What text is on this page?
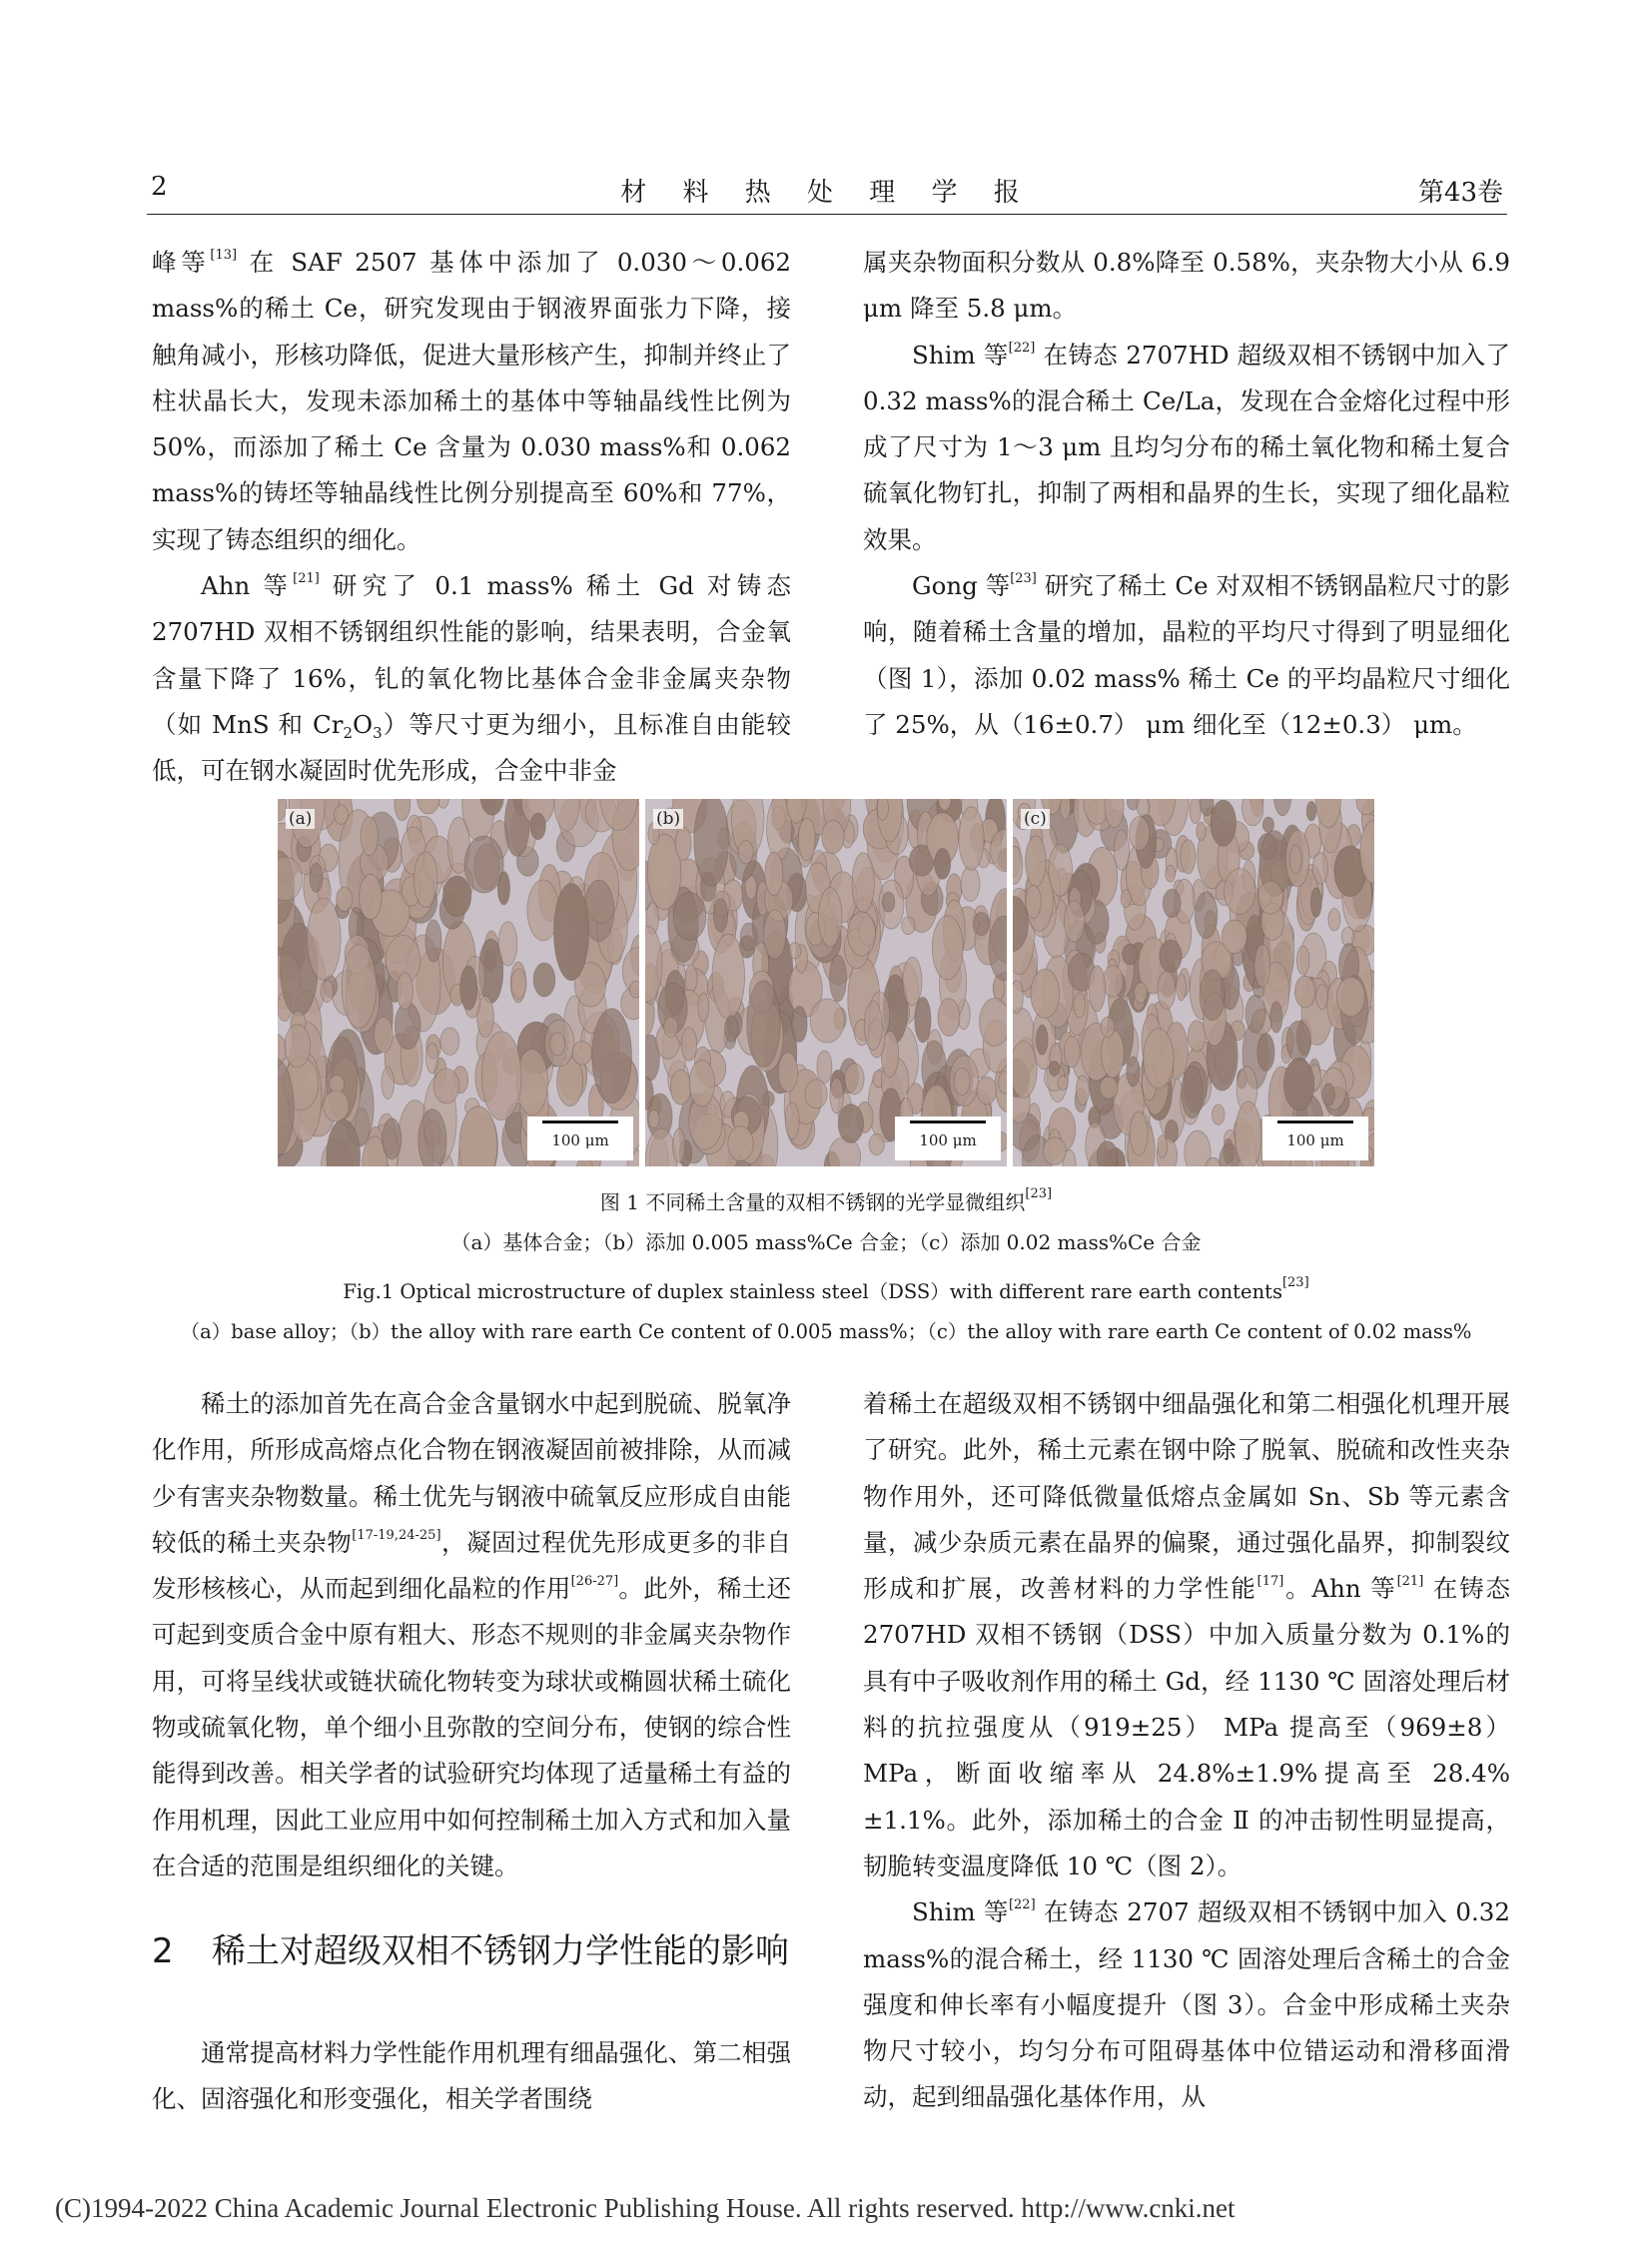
2	材 料 热 处 理 学 报	第43卷

峰等[13] 在 SAF 2507 基体中添加了 0.030～0.062 mass%的稀土 Ce，研究发现由于钢液界面张力下降，接触角减小，形核功降低，促进大量形核产生，抑制并终止了柱状晶长大，发现未添加稀土的基体中等轴晶线性比例为 50%，而添加了稀土 Ce 含量为 0.030 mass%和 0.062 mass%的铸坯等轴晶线性比例分别提高至 60%和 77%，实现了铸态组织的细化。

Ahn 等[21] 研究了 0.1 mass% 稀土 Gd 对铸态 2707HD 双相不锈钢组织性能的影响，结果表明，合金氧含量下降了 16%，钆的氧化物比基体合金非金属夹杂物（如 MnS 和 $Cr_2O_3$）等尺寸更为细小，且标准自由能较低，可在钢水凝固时优先形成，合金中非金

属夹杂物面积分数从 0.8%降至 0.58%，夹杂物大小从 6.9 μm 降至 5.8 μm。

Shim 等[22] 在铸态 2707HD 超级双相不锈钢中加入了 0.32 mass%的混合稀土 Ce/La，发现在合金熔化过程中形成了尺寸为 1～3 μm 且均匀分布的稀土氧化物和稀土复合硫氧化物钉扎，抑制了两相和晶界的生长，实现了细化晶粒效果。

Gong 等[23] 研究了稀土 Ce 对双相不锈钢晶粒尺寸的影响，随着稀土含量的增加，晶粒的平均尺寸得到了明显细化（图 1），添加 0.02 mass% 稀土 Ce 的平均晶粒尺寸细化了 25%，从（16±0.7） μm 细化至（12±0.3） μm。

(a)
100 μm
(b)
100 μm
(c)
100 μm
图 1 不同稀土含量的双相不锈钢的光学显微组织[23]
（a）基体合金；（b）添加 0.005 mass%Ce 合金；（c）添加 0.02 mass%Ce 合金
Fig.1 Optical microstructure of duplex stainless steel（DSS）with different rare earth contents[23]
（a）base alloy；（b）the alloy with rare earth Ce content of 0.005 mass%；（c）the alloy with rare earth Ce content of 0.02 mass%

稀土的添加首先在高合金含量钢水中起到脱硫、脱氧净化作用，所形成高熔点化合物在钢液凝固前被排除，从而减少有害夹杂物数量。稀土优先与钢液中硫氧反应形成自由能较低的稀土夹杂物[17-19,24-25]，凝固过程优先形成更多的非自发形核核心，从而起到细化晶粒的作用[26-27]。此外，稀土还可起到变质合金中原有粗大、形态不规则的非金属夹杂物作用，可将呈线状或链状硫化物转变为球状或椭圆状稀土硫化物或硫氧化物，单个细小且弥散的空间分布，使钢的综合性能得到改善。相关学者的试验研究均体现了适量稀土有益的作用机理，因此工业应用中如何控制稀土加入方式和加入量在合适的范围是组织细化的关键。

2 稀土对超级双相不锈钢力学性能的影响

通常提高材料力学性能作用机理有细晶强化、第二相强化、固溶强化和形变强化，相关学者围绕

着稀土在超级双相不锈钢中细晶强化和第二相强化机理开展了研究。此外，稀土元素在钢中除了脱氧、脱硫和改性夹杂物作用外，还可降低微量低熔点金属如 Sn、Sb 等元素含量，减少杂质元素在晶界的偏聚，通过强化晶界，抑制裂纹形成和扩展，改善材料的力学性能[17]。Ahn 等[21] 在铸态 2707HD 双相不锈钢（DSS）中加入质量分数为 0.1%的具有中子吸收剂作用的稀土 Gd，经 1130 ℃ 固溶处理后材料的抗拉强度从（919±25） MPa 提高至（969±8） MPa，断面收缩率从 24.8%±1.9%提高至 28.4%±1.1%。此外，添加稀土的合金 Ⅱ 的冲击韧性明显提高，韧脆转变温度降低 10 ℃（图 2）。

Shim 等[22] 在铸态 2707 超级双相不锈钢中加入 0.32 mass%的混合稀土，经 1130 ℃ 固溶处理后含稀土的合金强度和伸长率有小幅度提升（图 3）。合金中形成稀土夹杂物尺寸较小，均匀分布可阻碍基体中位错运动和滑移面滑动，起到细晶强化基体作用，从

(C)1994-2022 China Academic Journal Electronic Publishing House. All rights reserved. http://www.cnki.net
